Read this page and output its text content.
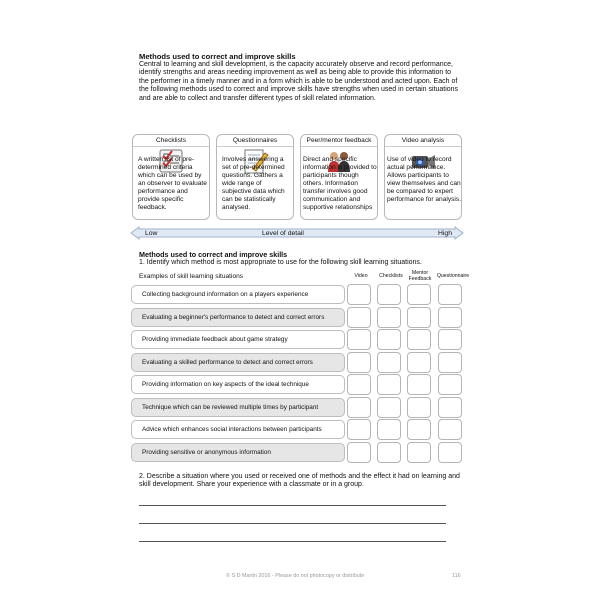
Methods used to correct and improve skills
Central to learning and skill development, is the capacity accurately observe and record performance, identify strengths and areas needing improvement as well as being able to provide this information to the performer in a timely manner and in a form which is able to be understood and acted upon. Each of the following methods used to correct and improve skills have strengths when used in certain situations and are able to collect and transfer different types of skill related information.
Checklists	Questionnaires	Peer/mentor feedback	Video analysis
A written list of pre-determined criteria which can be used by an observer to evaluate performance and provide specific feedback.
Involves answering a set of pre-determined questions. Gathers a wide range of subjective data which can be statistically analysed.
Direct and specific information is provided to participants though others. Information transfer involves good communication and supportive relationships
Use of video to record actual performance. Allows participants to view themselves and can be compared to expert performance for analysis.
Low	Level of detail	High
Methods used to correct and improve skills
1. Identify which method is most appropriate to use for the following skill learning situations.
Examples of skill learning situations	Video	Checklists	Mentor Feedback	Questionnaire
Collecting background information on a players experience
Evaluating a beginner's performance to detect and correct errors
Providing immediate feedback about game strategy
Evaluating a skilled performance to detect and correct errors
Providing information on key aspects of the ideal technique
Technique which can be reviewed multiple times by participant
Advice which enhances social interactions between participants
Providing sensitive or anonymous information
2. Describe a situation where you used or received one of methods and the effect it had on learning and skill development. Share your experience with a classmate or in a group.
© S D Martin 2016 - Please do not photocopy or distribute	116
